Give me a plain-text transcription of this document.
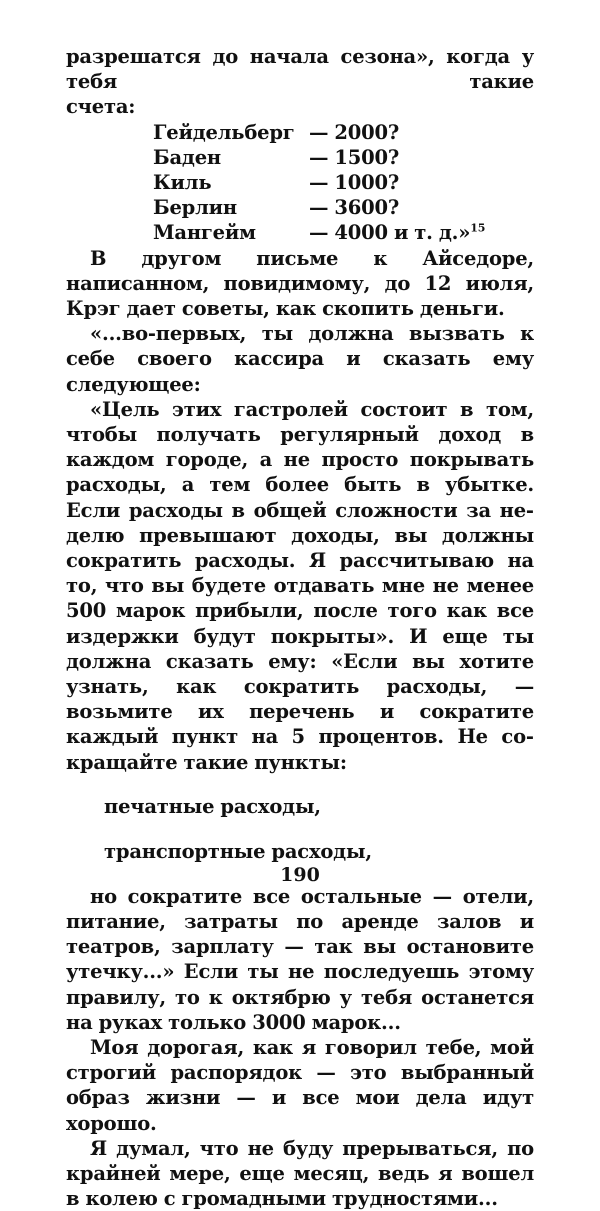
разрешатся до начала сезона», когда у тебя такие

счета:

Гейдельберг — 2000?
Баден	— 1500?
Киль	— 1000?
Берлин	— 3600?
Мангейм	— 4000 и т. д.»$^{15}$

В другом письме к Айседоре, написанном, повидимому, до 12 июля, Крэг дает советы, как скопить деньги.

«...во-первых, ты должна вызвать к себе своего кассира и сказать ему следующее:

«Цель этих гастролей состоит в том, чтобы получать регулярный доход в каждом городе, а не просто покрывать расходы, а тем более быть в убытке. Если расходы в общей сложности за неделю превышают доходы, вы должны сократить расходы. Я рассчитываю на то, что вы будете отдавать мне не менее 500 марок прибыли, после того как все издержки будут покрыты». И еще ты должна сказать ему: «Если вы хотите узнать, как сократить расходы, — возьмите их перечень и сократите каждый пункт на 5 процентов. Не сокращайте такие пункты:

печатные расходы,

транспортные расходы,

но сократите все остальные — отели, питание, затраты по аренде залов и театров, зарплату — так вы остановите утечку...» Если ты не последуешь этому правилу, то к октябрю у тебя останется на руках только 3000 марок...

Моя дорогая, как я говорил тебе, мой строгий распорядок — это выбранный образ жизни — и все мои дела идут хорошо.

Я думал, что не буду прерываться, по крайней мере, еще месяц, ведь я вошел в колею с громадными трудностями...

190
